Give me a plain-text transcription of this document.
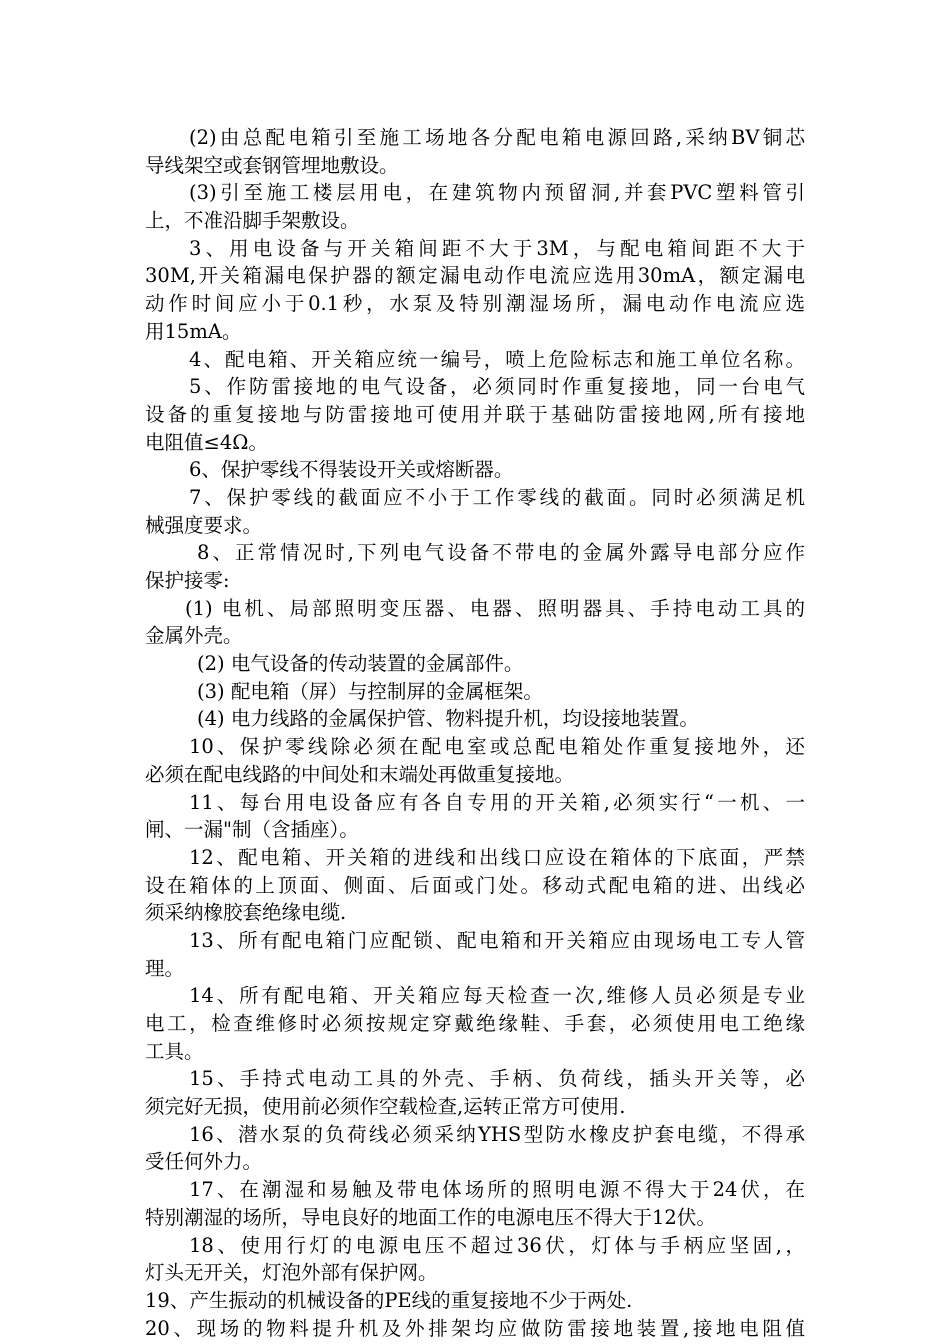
(2)由总配电箱引至施工场地各分配电箱电源回路,采纳BV铜芯
导线架空或套钢管埋地敷设。
(3)引至施工楼层用电，在建筑物内预留洞,并套PVC塑料管引
上，不准沿脚手架敷设。
3、用电设备与开关箱间距不大于3M，与配电箱间距不大于
30M,开关箱漏电保护器的额定漏电动作电流应选用30mA，额定漏电
动作时间应小于0.1秒，水泵及特别潮湿场所，漏电动作电流应选
用15mA。
4、配电箱、开关箱应统一编号，喷上危险标志和施工单位名称。
5、作防雷接地的电气设备，必须同时作重复接地，同一台电气
设备的重复接地与防雷接地可使用并联于基础防雷接地网,所有接地
电阻值≤4Ω。
6、保护零线不得装设开关或熔断器。
7、保护零线的截面应不小于工作零线的截面。同时必须满足机
械强度要求。
8、正常情况时,下列电气设备不带电的金属外露导电部分应作
保护接零:
(1) 电机、局部照明变压器、电器、照明器具、手持电动工具的
金属外壳。
(2) 电气设备的传动装置的金属部件。
(3) 配电箱（屏）与控制屏的金属框架。
(4) 电力线路的金属保护管、物料提升机，均设接地装置。
10、保护零线除必须在配电室或总配电箱处作重复接地外，还
必须在配电线路的中间处和末端处再做重复接地。
11、每台用电设备应有各自专用的开关箱,必须实行“一机、一
闸、一漏"制（含插座）。
12、配电箱、开关箱的进线和出线口应设在箱体的下底面，严禁
设在箱体的上顶面、侧面、后面或门处。移动式配电箱的进、出线必
须采纳橡胶套绝缘电缆.
13、所有配电箱门应配锁、配电箱和开关箱应由现场电工专人管
理。
14、所有配电箱、开关箱应每天检查一次,维修人员必须是专业
电工，检查维修时必须按规定穿戴绝缘鞋、手套，必须使用电工绝缘
工具。
15、手持式电动工具的外壳、手柄、负荷线，插头开关等，必
须完好无损，使用前必须作空载检查,运转正常方可使用.
16、潜水泵的负荷线必须采纳YHS型防水橡皮护套电缆，不得承
受任何外力。
17、在潮湿和易触及带电体场所的照明电源不得大于24伏，在
特别潮湿的场所，导电良好的地面工作的电源电压不得大于12伏。
18、使用行灯的电源电压不超过36伏，灯体与手柄应坚固,，
灯头无开关，灯泡外部有保护网。
19、产生振动的机械设备的PE线的重复接地不少于两处.
20、现场的物料提升机及外排架均应做防雷接地装置,接地电阻值
